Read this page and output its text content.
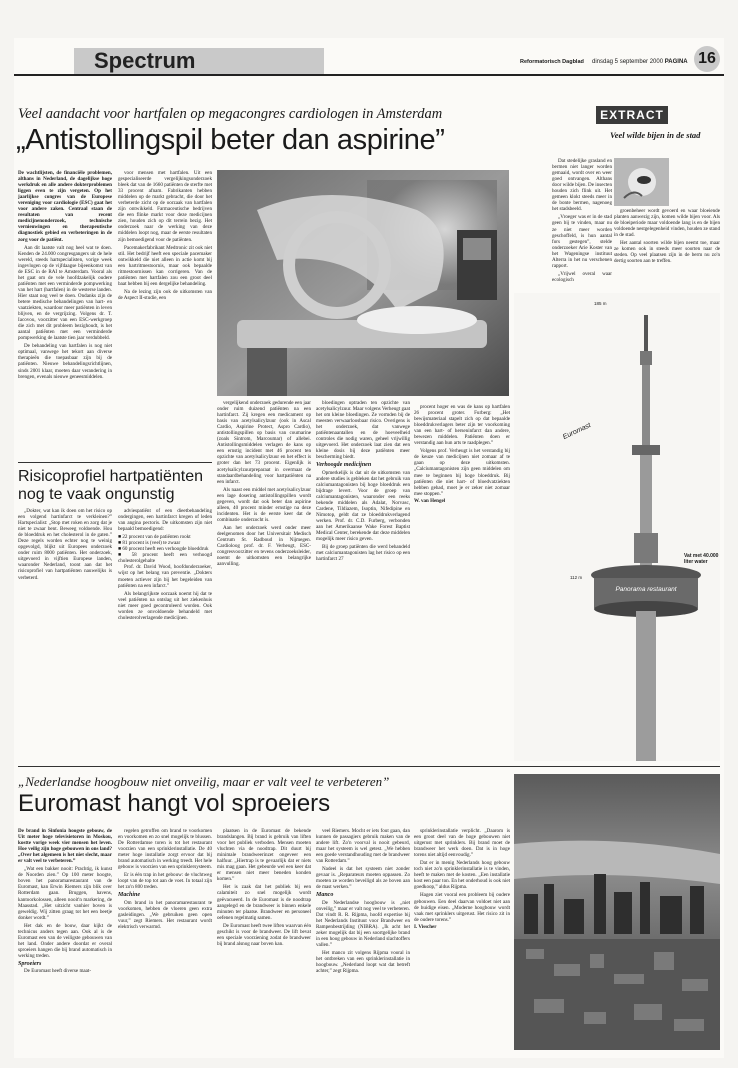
Spectrum	Reformatorisch Dagblad dinsdag 5 september 2000 PAGINA 16
Veel aandacht voor hartfalen op megacongres cardiologen in Amsterdam
„Antistollingspil beter dan aspirine”

De wachtlijsten, de financiële problemen, althans in Nederland, de dagelijkse hoge werkdruk en alle andere dokterproblemen liggen even te zijn vergeten. Op het jaarlijkse congres van de Europese vereniging voor cardiologie (ESC) gaat het voor andere zaken. Centraal staan de resultaten van recent medicijnenonderzoek, technische vernieuwingen en therapeutische diagnostiek gebied en verbeteringen in de zorg voor de patiënt.

Aan dit laatste valt nog heel wat te doen. Kenden de 24.000 congresgangers uit de hele wereld, steeds hartspecialisten, vorige week ingevlogen op de vijfdaagse bijeenkomst van de ESC in de RAI te Amsterdam. Vooral als het gaat om de vele hoofdzakelijk oudere patiënten met een verminderde pompwerking van het hart (hartfalen) in de westerse landen. Hier staat nog veel te doen. Ondanks zijn de betere medische behandelingen van hart- en vaatziekten, waardoor meer patiënten in leven blijven, en de vergrijzing. Volgens dr. T. Iacovou, voorzitter van een ESC-werkgroep die zich met dit probleem bezighoudt, is het aantal patiënten met een verminderde pompwerking de laatste tien jaar verdubbeld.

De behandeling van hartfalen is nog niet optimaal, vanwege het tekort aan diverse therapieën die toepasbaar zijn bij de patiënten. Nieuwe behandelingsrichtlijnen, sinds 2001 klaar, moeten daar verandering in brengen, evenals nieuwe geneesmiddelen.

voor mensen met hartfalen. Uit een gespecialiseerde vergelijkingsonderzoek bleek dat van de 1660 patiënten de sterfte met 33 procent afnam. Fabrikanten hebben middelen op de markt gebracht, die door het verbeterde zicht op de oorzaak van hartfalen zijn ontwikkeld. Farmaceutische bedrijven die een flinke markt voor deze medicijnen zien, houden zich op dit terrein bezig. Het onderzoek naar de werking van deze middelen loopt nog, maar de eerste resultaten zijn bemoedigend voor de patiënten.

Pacemakerfabrikant Medtronic zit ook niet stil. Het bedrijf heeft een speciale pacemaker ontwikkeld die niet alleen in actie komt bij een hartritmestoornis, maar ook bepaalde ritmestoornissen kan corrigeren. Van de patiënten met hartfalen zou een groot deel baat hebben bij een dergelijke behandeling.

Na de lezing zijn ook de uitkomsten van de Aspect II-studie, een

vergelijkend onderzoek gedurende een jaar onder ruim duizend patiënten na een hartinfarct. Zij kregen een medicament op basis van acetylsalicylzuur (ook in Ascal Cardio, Aspirine Protect, Aspro Cardio), antistollingspillen op basis van coumarine (zoals Sintrom, Marcoumar) of allebei. Antistollingsmiddelen verlagen de kans op een ernstig incident met 46 procent ten opzichte van acetylsalicylzuur en het effect is groter dan het 73 procent. Eigenlijk is acetylsalicylzuurpreparaat in overmaat de standaardbehandeling voor hartpatiënten na een infarct.

Als naast een middel met acetylsalicylzuur een lage dosering antistollingspillen wordt gegeven, wordt dat ook beter dan aspirine alleen, 40 procent minder ernstige na deze incidenten. Het is de eerste keer dat de combinatie onderzocht is.

Aan het onderzoek werd onder meer deelgenomen door het Universitair Medisch Centrum St. Radboud in Nijmegen. Cardioloog prof. dr. F. Verheugt, ESC-congresvoorzitter en tevens onderzoeksleider, noemt de uitkomsten een belangrijke aanvulling.

bloedingen optraden ten opzichte van acetylsalicylzuur. Maar volgens Verheugt gaat het om kleine bloedingen. Ze vormden bij de meesten verwaarloosbaar risico. Overigens is het onderzoek, dat vanwege patiëntenaantallen en de hoeveelheid controles die nodig waren, geheel vrijwillig uitgevoerd. Het onderzoek laat zien dat een kleine dosis bij deze patiënten meer bescherming biedt.

Verhoogde medicijnen

Opmerkelijk is dat uit de uitkomsten van andere studies is gebleken dat het gebruik van calciumantagonisten bij hoge bloeddruk een bijdrage levert. Voor de groep van calciumantagonisten, waaronder een reeks bekende middelen als Adalat, Norvasc, Cardene, Tildiazem, Isoptin, Nifedipine en Nimotop, geldt dat ze bloeddrukverlagend werken. Prof. dr. C.D. Furberg, verbonden aan het Amerikaanse Wake Forest Baptist Medical Center, berekende dat deze middelen mogelijk meer risico geven.

Bij de groep patiënten die werd behandeld met calciumantagonisten lag het risico op een hartinfarct 27

procent hoger en was de kans op hartfalen 26 procent groter. Furberg: „Het bewijsmateriaal stapelt zich op dat bepaalde bloeddrukverlagers beter zijn ter voorkoming van een hart- of herseninfarct dan andere, bewezen middelen. Patiënten doen er verstandig aan hun arts te raadplegen.”

Volgens prof. Verheugt is het verstandig bij de keuze van medicijnen niet zomaar af te gaan op deze uitkomsten. „Calciumantagonisten zijn geen middelen om mee te beginnen bij hoge bloeddruk. Bij patiënten die niet hart- of bloedvatziekten hebben gehad, moet je er zeker niet zomaar mee stoppen.”

W. van Hengel
Risicoprofiel hartpatiënten nog te vaak ongunstig

„Dokter, wat kan ik doen om het risico op een volgend hartinfarct te verkleinen?” Hartspecialist: „Stop met roken en zorg dat je niet te zwaar bent. Beweeg voldoende. Hou de bloeddruk en het cholesterol in de gaten.” Deze regels worden echter nog te weinig opgevolgd, blijkt uit Europees onderzoek onder ruim 8000 patiënten. Het onderzoek, uitgevoerd in vijftien Europese landen, waaronder Nederland, toont aan dat het risicoprofiel van hartpatiënten nauwelijks is verbeterd.

adviespatiënt of een dieetbehandeling ondergingen, een hartinfarct kregen of leden van angina pectoris. De uitkomsten zijn niet bepaald bemoedigend:

■ 22 procent van de patiënten rookt
■ 81 procent is (veel) te zwaar
■ 60 procent heeft een verhoogde bloeddruk
■ 58 procent heeft een verhoogd cholesterolgehalte

Prof. dr. David Wood, hoofdonderzoeker, wijst op het belang van preventie. „Dokters moeten actiever zijn bij het begeleiden van patiënten na een infarct.”

Als belangrijkste oorzaak noemt hij dat te veel patiënten na ontslag uit het ziekenhuis niet meer goed gecontroleerd worden. Ook worden ze onvoldoende behandeld met cholesterolverlagende medicijnen.

EXTRACT
Veel wilde bijen in de stad

Dat stedelijke grasland en bermen niet langer worden gemaaid, wordt over en weer goed ontvangen. Althans door wilde bijen. De insecten houden zich flink uit. Het gemeen klokt steeds meer in de bonte bermen, nagenoeg het stadsbeeld.

„Vroeger was er in de stad geen bij te vinden, maar nu ze niet meer worden geschoffeld, is hun aantal fors gestegen”, stelde onderzoeker Arie Koster van het Wageningse instituut Alterra in het nu verschenen rapport.

„Vrijwel overal waar ecologisch

groenbeheer wordt gevoerd en waar bloeiende planten aanwezig zijn, komen wilde bijen voor. Als de bloeiperiode maar voldoende lang is en de bijen voldoende nestgelegenheid vinden, houden ze stand in de stad.

Het aantal soorten wilde bijen neemt toe, maar ze komen ook in steeds meer soorten naar de steden. Op veel plaatsen zijn in de berm nu zo'n dertig soorten aan te treffen.

Euromast
Vat met 40.000 liter water
Panorama restaurant
185 m
112 m
„Nederlandse hoogbouw niet onveilig, maar er valt veel te verbeteren”
Euromast hangt vol sproeiers

De brand in Sinfonia hoogste gebouw, de Uit meter hoge televisietoren in Moskou, kostte vorige week vier mensen het leven. Hoe veilig zijn hoge gebouwen in ons land? „Over het algemeen is het niet slecht, maar er valt veel te verbeteren.”

„Wat een bakker nooit: Prachtig, ik kunst de Noorden zien.” Op 100 meter hoogte, boven het panoramarestaurant van de Euromast, kan Erwin Riemers zijn blik over Rotterdam gaan. Bruggen, havens, kantoorkolossen, alleen nooit'n markering, de Maasstad. „Het uitzicht vanhier boven is geweldig. Wij zitten graag tot het een beetje donker wordt.”

Het dak en de bouw, daar kijkt de technicus anders tegen aan. Ook al is de Euromast een van de veiligste gebouwen van het land. Onder andere doordat er overal sproeiers hangen die bij brand automatisch in werking treden.

Sproeiers

De Euromast heeft diverse maat-

regelen getroffen om brand te voorkomen en voorkomen en zo snel mogelijk te blussen. De Rotterdamse toren is tot het restaurant voorzien van een sprinklerinstallatie. De 40 meter hoge installatie zorgt ervoor dat bij brand automatisch in werking treedt. Het hele gebouw is voorzien van een sprinklersysteem.

Er is één trap in het gebouw: de vluchtweg loopt van de top tot aan de voet. In totaal zijn het zo'n 800 treden.

Machine

Om brand in het panoramarestaurant te voorkomen, hebben de vloeren geen extra gasleidingen. „We gebruiken geen open vuur,” zegt Riemers. Het restaurant wordt elektrisch verwarmd.

plaatsen in de Euromast de bekende brandslangen. Bij brand is gebruik van liften voor het publiek verboden. Mensen moeten vluchten via de noodtrap. Dit duurt bij minimale brandweerinzet ongeveer een halfuur. „Hiertrap is te gevaarlijk dat er niets mis mag gaan. Het gebeurde wel een keer dat er mensen niet meer beneden konden komen.”

Het is zaak dat het publiek bij een calamiteit zo snel mogelijk wordt geëvacueerd. In de Euromast is de noodtrap aangelegd en de brandweer is binnen enkele minuten ter plaatse. Brandweer en personeel oefenen regelmatig samen.

De Euromast heeft twee liften waarvan één geschikt is voor de brandweer. De lift bevat een speciale voorziening zodat de brandweer bij brand alsnog naar boven kan.

veel Riemers. Mocht er iets fout gaan, dan kunnen de passagiers gebruik maken van de andere lift. Zo'n voorval is nooit gebeurd, maar het systeem is wel getest. „We hebben een goede verstandhouding met de brandweer van Rotterdam.”

Nadeel is dat het systeem niet zonder gevaar is. „Reparateurs moeten oppassen. Zo moeten ze worden beveiligd als ze boven aan de mast werken.”

Manco

De Nederlandse hoogbouw is „niet onveilig,” maar er valt nog veel te verbeteren. Dat vindt R. R. Rijpma, hoofd expertise bij het Nederlands Instituut voor Brandweer en Rampenbestrijding (NIBRA). „Ik acht het zeker mogelijk dat bij een soortgelijke brand in een hoog gebouw in Nederland slachtoffers vallen.”

Het manco zit volgens Rijpma vooral in het ontbreken van een sprinklerinstallatie in hoogbouw. „Nederland loopt wat dat betreft achter,” zegt Rijpma.

sprinklerinstallatie verplicht. „Daarom is een groot deel van de hoge gebouwen niet uitgerust met sprinklers. Bij brand moet de brandweer het werk doen. Dat is in hoge torens niet altijd eenvoudig.”

Dat er in menig Nederlands hoog gebouw toch niet zo'n sprinklerinstallatie is te vinden, heeft te maken met de kosten. „Een installatie kost een paar ton. En het onderhoud is ook niet goedkoop,” aldus Rijpma.

Hagen ziet vooral een probleem bij oudere gebouwen. Een deel daarvan voldoet niet aan de huidige eisen. „Moderne hoogbouw wordt vaak met sprinklers uitgerust. Het risico zit in de oudere torens.”

I. Visscher
